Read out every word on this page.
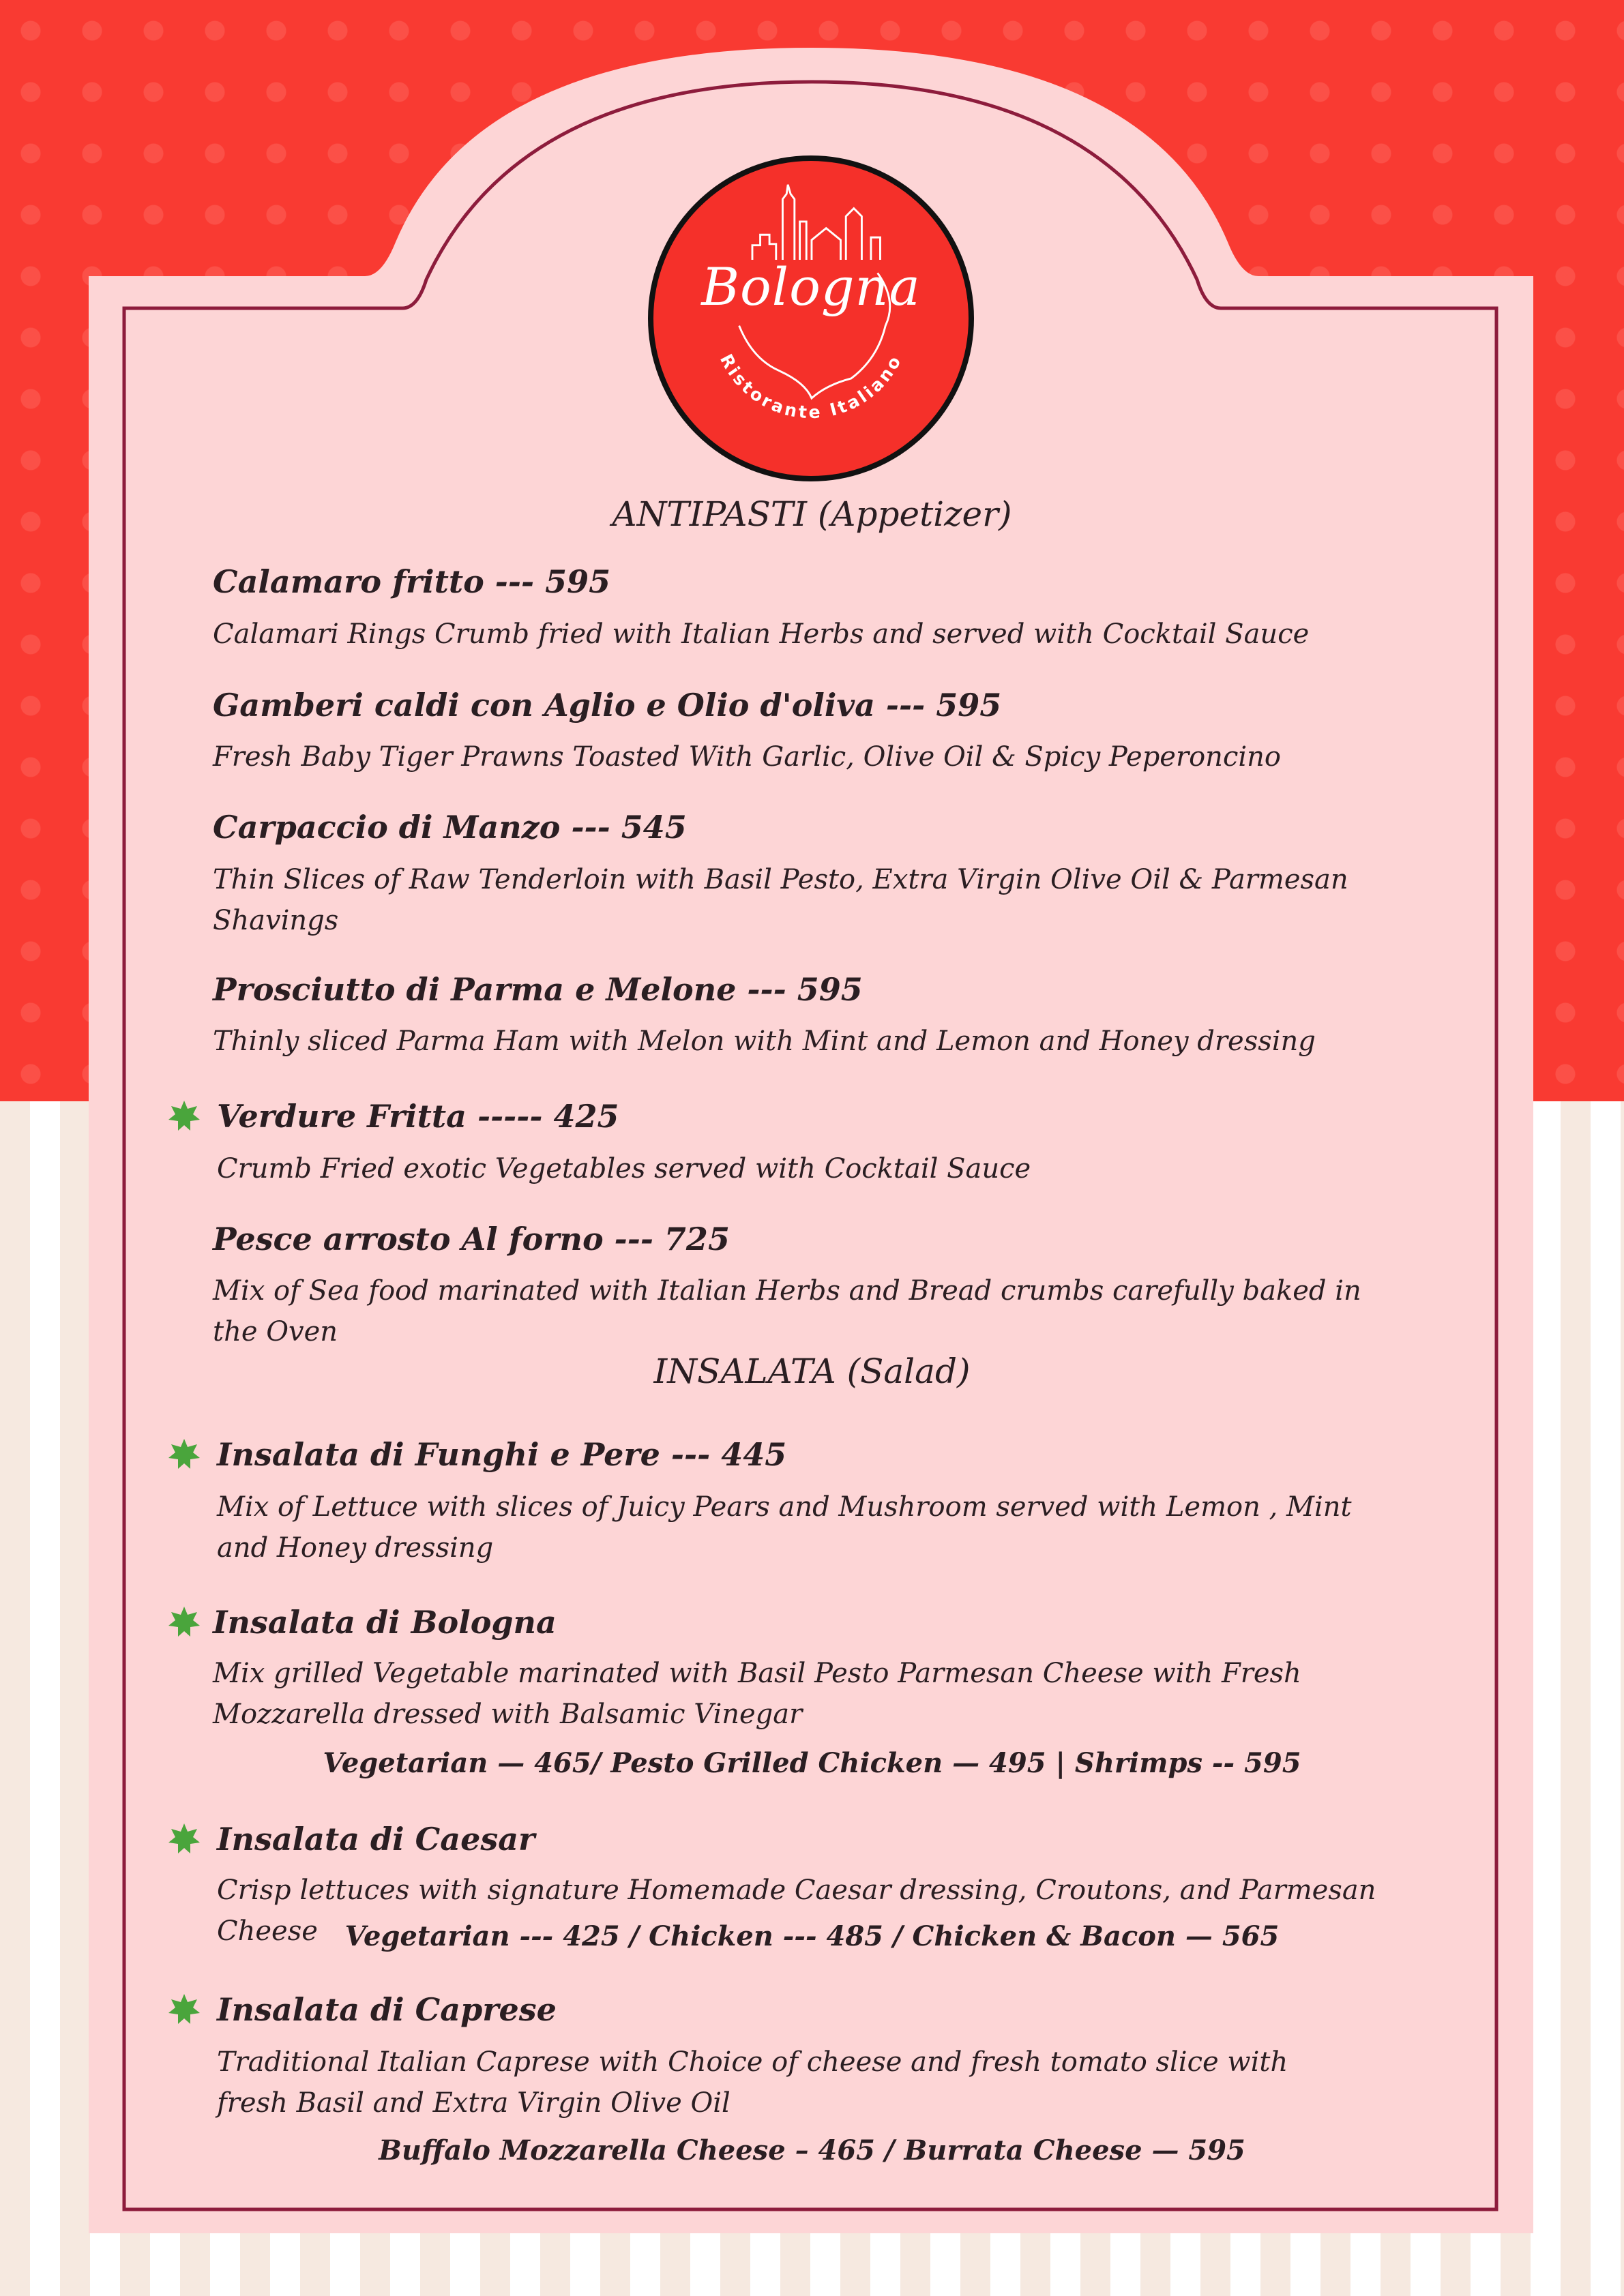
Bologna
Ristorante Italiano
ANTIPASTI (Appetizer)
Calamaro fritto --- 595
Calamari Rings Crumb fried with Italian Herbs and served with Cocktail Sauce
Gamberi caldi con Aglio e Olio d'oliva --- 595
Fresh Baby Tiger Prawns Toasted With Garlic, Olive Oil & Spicy Peperoncino
Carpaccio di Manzo --- 545
Thin Slices of Raw Tenderloin with Basil Pesto, Extra Virgin Olive Oil & Parmesan Shavings
Prosciutto di Parma e Melone --- 595
Thinly sliced Parma Ham with Melon with Mint and Lemon and Honey dressing
Verdure Fritta ----- 425
Crumb Fried exotic Vegetables served with Cocktail Sauce
Pesce arrosto Al forno --- 725
Mix of Sea food marinated with Italian Herbs and Bread crumbs carefully baked in the Oven
INSALATA (Salad)
Insalata di Funghi e Pere --- 445
Mix of Lettuce with slices of Juicy Pears and Mushroom served with Lemon , Mint and Honey dressing
Insalata di Bologna
Mix grilled Vegetable marinated with Basil Pesto Parmesan Cheese with Fresh Mozzarella dressed with Balsamic Vinegar
Vegetarian — 465/ Pesto Grilled Chicken — 495 | Shrimps -- 595
Insalata di Caesar
Crisp lettuces with signature Homemade Caesar dressing, Croutons, and Parmesan Cheese Vegetarian --- 425 / Chicken --- 485 / Chicken & Bacon — 565
Insalata di Caprese
Traditional Italian Caprese with Choice of cheese and fresh tomato slice with fresh Basil and Extra Virgin Olive Oil
Buffalo Mozzarella Cheese – 465 / Burrata Cheese — 595
